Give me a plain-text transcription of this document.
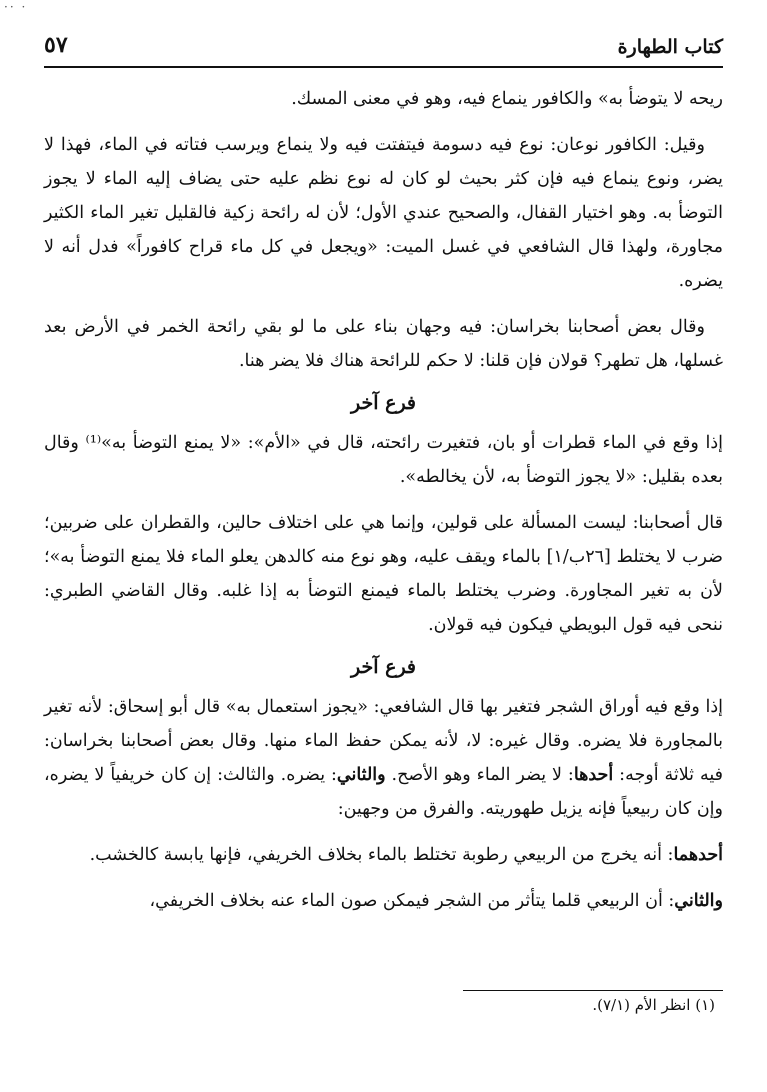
·· ·
كتاب الطهارة
٥٧

ريحه لا يتوضأ به» والكافور ينماع فيه، وهو في معنى المسك.

وقيل: الكافور نوعان: نوع فيه دسومة فيتفتت فيه ولا ينماع ويرسب فتاته في الماء، فهذا لا يضر، ونوع ينماع فيه فإن كثر بحيث لو كان له نوع نظم عليه حتى يضاف إليه الماء لا يجوز التوضأ به. وهو اختيار القفال، والصحيح عندي الأول؛ لأن له رائحة زكية فالقليل تغير الماء الكثير مجاورة، ولهذا قال الشافعي في غسل الميت: «ويجعل في كل ماء قراح كافوراً» فدل أنه لا يضره.

وقال بعض أصحابنا بخراسان: فيه وجهان بناء على ما لو بقي رائحة الخمر في الأرض بعد غسلها، هل تطهر؟ قولان فإن قلنا: لا حكم للرائحة هناك فلا يضر هنا.

فرع آخر

إذا وقع في الماء قطرات أو بان، فتغيرت رائحته، قال في «الأم»: «لا يمنع التوضأ به»⁽¹⁾ وقال بعده بقليل: «لا يجوز التوضأ به، لأن يخالطه».

قال أصحابنا: ليست المسألة على قولين، وإنما هي على اختلاف حالين، والقطران على ضربين؛ ضرب لا يختلط [٢٦ب/١] بالماء ويقف عليه، وهو نوع منه كالدهن يعلو الماء فلا يمنع التوضأ به»؛ لأن به تغير المجاورة. وضرب يختلط بالماء فيمنع التوضأ به إذا غلبه. وقال القاضي الطبري: ننحى فيه قول البويطي فيكون فيه قولان.

فرع آخر

إذا وقع فيه أوراق الشجر فتغير بها قال الشافعي: «يجوز استعمال به» قال أبو إسحاق: لأنه تغير بالمجاورة فلا يضره. وقال غيره: لا، لأنه يمكن حفظ الماء منها. وقال بعض أصحابنا بخراسان: فيه ثلاثة أوجه: أحدها: لا يضر الماء وهو الأصح. والثاني: يضره. والثالث: إن كان خريفياً لا يضره، وإن كان ربيعياً فإنه يزيل طهوريته. والفرق من وجهين:

أحدهما: أنه يخرج من الربيعي رطوبة تختلط بالماء بخلاف الخريفي، فإنها يابسة كالخشب.

والثاني: أن الربيعي قلما يتأثر من الشجر فيمكن صون الماء عنه بخلاف الخريفي،

(١) انظر الأم (٧/١).
